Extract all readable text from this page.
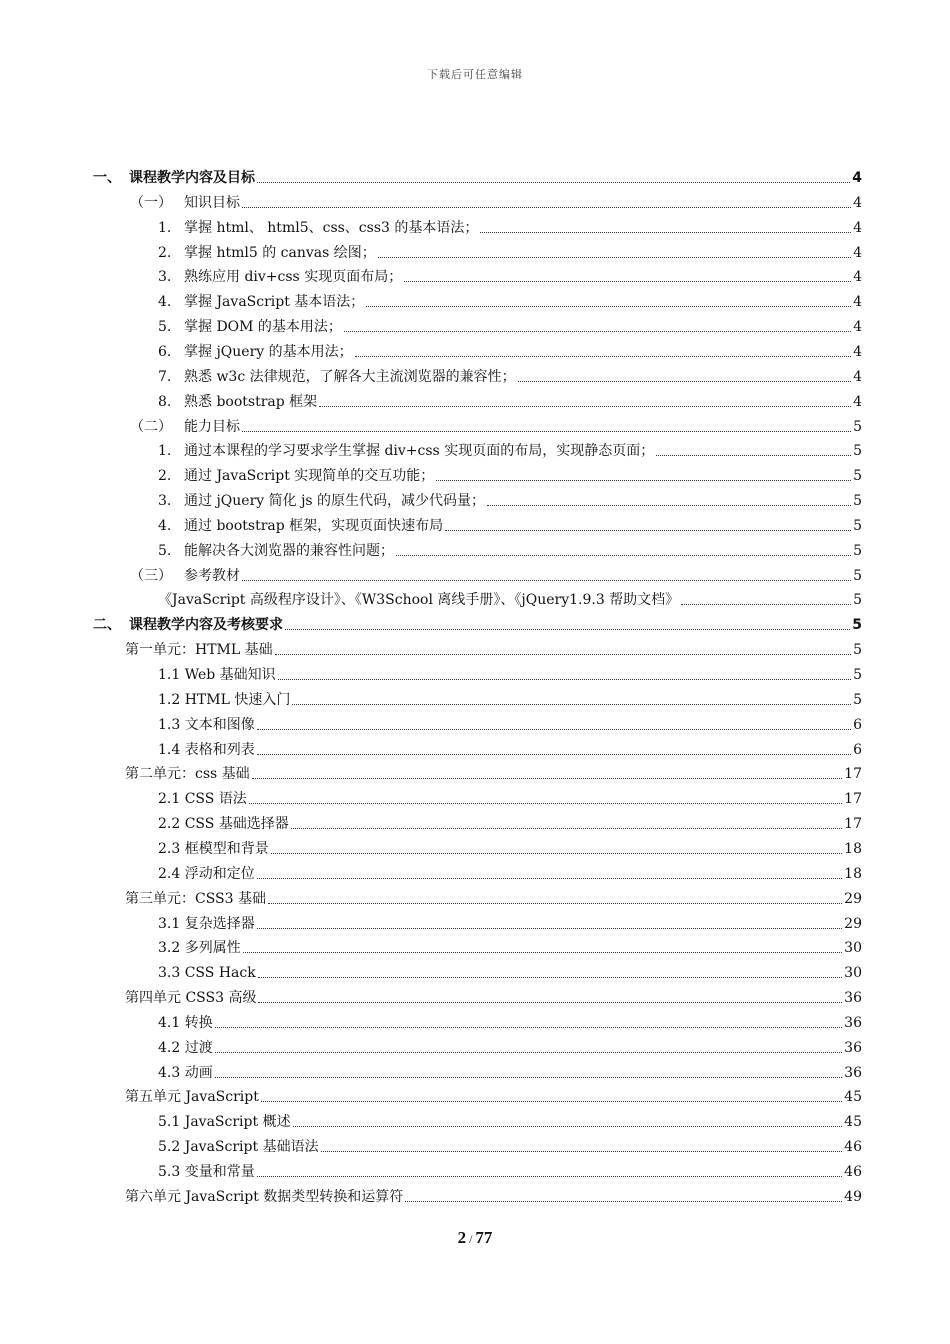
下载后可任意编辑
一、 课程教学内容及目标	4
（一） 知识目标	4
1. 掌握 html、 html5、css、css3 的基本语法；	4
2. 掌握 html5 的 canvas 绘图；	4
3. 熟练应用 div+css 实现页面布局；	4
4. 掌握 JavaScript 基本语法；	4
5. 掌握 DOM 的基本用法；	4
6. 掌握 jQuery 的基本用法；	4
7. 熟悉 w3c 法律规范，了解各大主流浏览器的兼容性；	4
8. 熟悉 bootstrap 框架	4
（二） 能力目标	5
1. 通过本课程的学习要求学生掌握 div+css 实现页面的布局，实现静态页面；	5
2. 通过 JavaScript 实现简单的交互功能；	5
3. 通过 jQuery 简化 js 的原生代码，减少代码量；	5
4. 通过 bootstrap 框架，实现页面快速布局	5
5. 能解决各大浏览器的兼容性问题；	5
（三） 参考教材	5
《JavaScript 高级程序设计》、《W3School 离线手册》、《jQuery1.9.3 帮助文档》	5
二、 课程教学内容及考核要求	5
第一单元：HTML 基础	5
1.1 Web 基础知识	5
1.2 HTML 快速入门	5
1.3 文本和图像	6
1.4 表格和列表	6
第二单元：css 基础	17
2.1 CSS 语法	17
2.2 CSS 基础选择器	17
2.3 框模型和背景	18
2.4 浮动和定位	18
第三单元：CSS3 基础	29
3.1 复杂选择器	29
3.2 多列属性	30
3.3 CSS Hack	30
第四单元 CSS3 高级	36
4.1 转换	36
4.2 过渡	36
4.3 动画	36
第五单元 JavaScript	45
5.1 JavaScript 概述	45
5.2 JavaScript 基础语法	46
5.3 变量和常量	46
第六单元 JavaScript 数据类型转换和运算符	49
2 / 77
